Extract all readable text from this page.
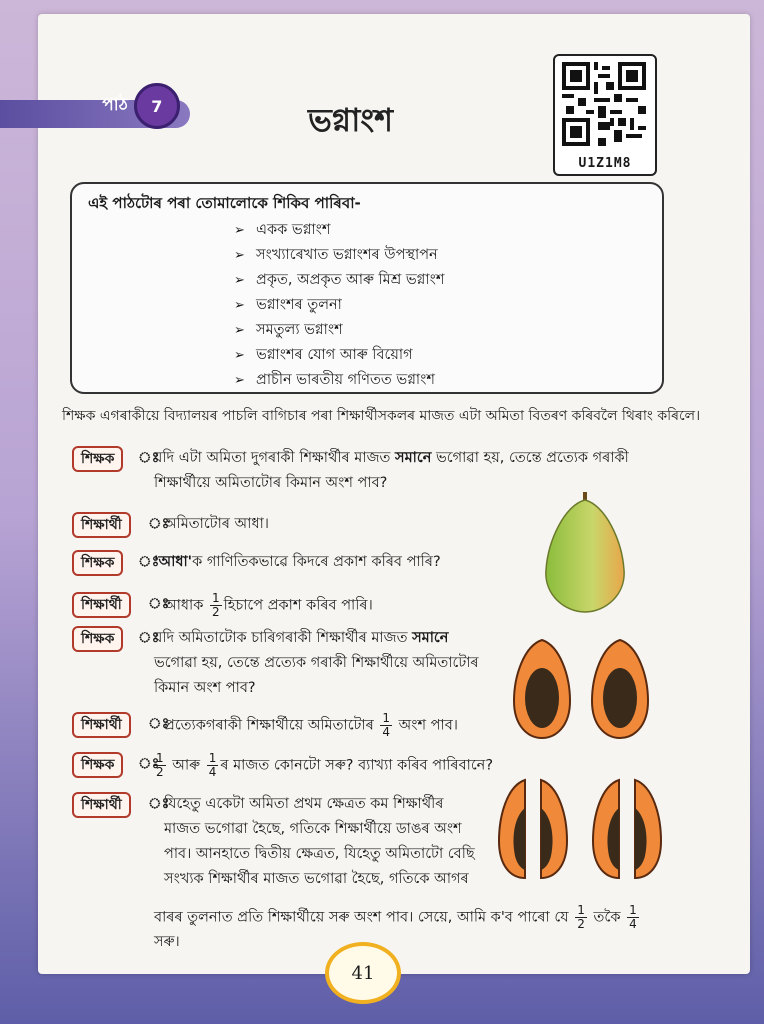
পাঠ	7	ভগ্নাংশ
U1Z1M8
এই পাঠটোৰ পৰা তোমালোকে শিকিব পাৰিবা-
➢ একক ভগ্নাংশ
➢ সংখ্যাৰেখাত ভগ্নাংশৰ উপস্থাপন
➢ প্ৰকৃত, অপ্ৰকৃত আৰু মিশ্ৰ ভগ্নাংশ
➢ ভগ্নাংশৰ তুলনা
➢ সমতুল্য ভগ্নাংশ
➢ ভগ্নাংশৰ যোগ আৰু বিয়োগ
➢ প্ৰাচীন ভাৰতীয় গণিতত ভগ্নাংশ
শিক্ষক এগৰাকীয়ে বিদ্যালয়ৰ পাচলি বাগিচাৰ পৰা শিক্ষাৰ্থীসকলৰ মাজত এটা অমিতা বিতৰণ কৰিবলৈ থিৰাং কৰিলে।
শিক্ষক	ঃ
যদি এটা অমিতা দুগৰাকী শিক্ষাৰ্থীৰ মাজত সমানে ভগোৱা হয়, তেন্তে প্ৰত্যেক গৰাকী
শিক্ষাৰ্থীয়ে অমিতাটোৰ কিমান অংশ পাব?
শিক্ষাৰ্থী	ঃ
অমিতাটোৰ আধা।
শিক্ষক	ঃ
'আধা'ক গাণিতিকভাৱে কিদৰে প্ৰকাশ কৰিব পাৰি?
শিক্ষাৰ্থী	ঃ
আধাক $\frac{1}{2}$ হিচাপে প্ৰকাশ কৰিব পাৰি।
শিক্ষক	ঃ
যদি অমিতাটোক চাৰিগৰাকী শিক্ষাৰ্থীৰ মাজত সমানে
ভগোৱা হয়, তেন্তে প্ৰত্যেক গৰাকী শিক্ষাৰ্থীয়ে অমিতাটোৰ
কিমান অংশ পাব?
শিক্ষাৰ্থী	ঃ
প্ৰত্যেকগৰাকী শিক্ষাৰ্থীয়ে অমিতাটোৰ $\frac{1}{4}$ অংশ পাব।
শিক্ষক	ঃ
$\frac{1}{2}$ আৰু $\frac{1}{4}$ ৰ মাজত কোনটো সৰু? ব্যাখ্যা কৰিব পাৰিবানে?
শিক্ষাৰ্থী	ঃ
যিহেতু একেটা অমিতা প্ৰথম ক্ষেত্ৰত কম শিক্ষাৰ্থীৰ
মাজত ভগোৱা হৈছে, গতিকে শিক্ষাৰ্থীয়ে ডাঙৰ অংশ
পাব। আনহাতে দ্বিতীয় ক্ষেত্ৰত, যিহেতু অমিতাটো বেছি
সংখ্যক শিক্ষাৰ্থীৰ মাজত ভগোৱা হৈছে, গতিকে আগৰ
বাৰৰ তুলনাত প্ৰতি শিক্ষাৰ্থীয়ে সৰু অংশ পাব। সেয়ে, আমি ক'ব পাৰো যে $\frac{1}{2}$ তকৈ $\frac{1}{4}$
সৰু।
41
